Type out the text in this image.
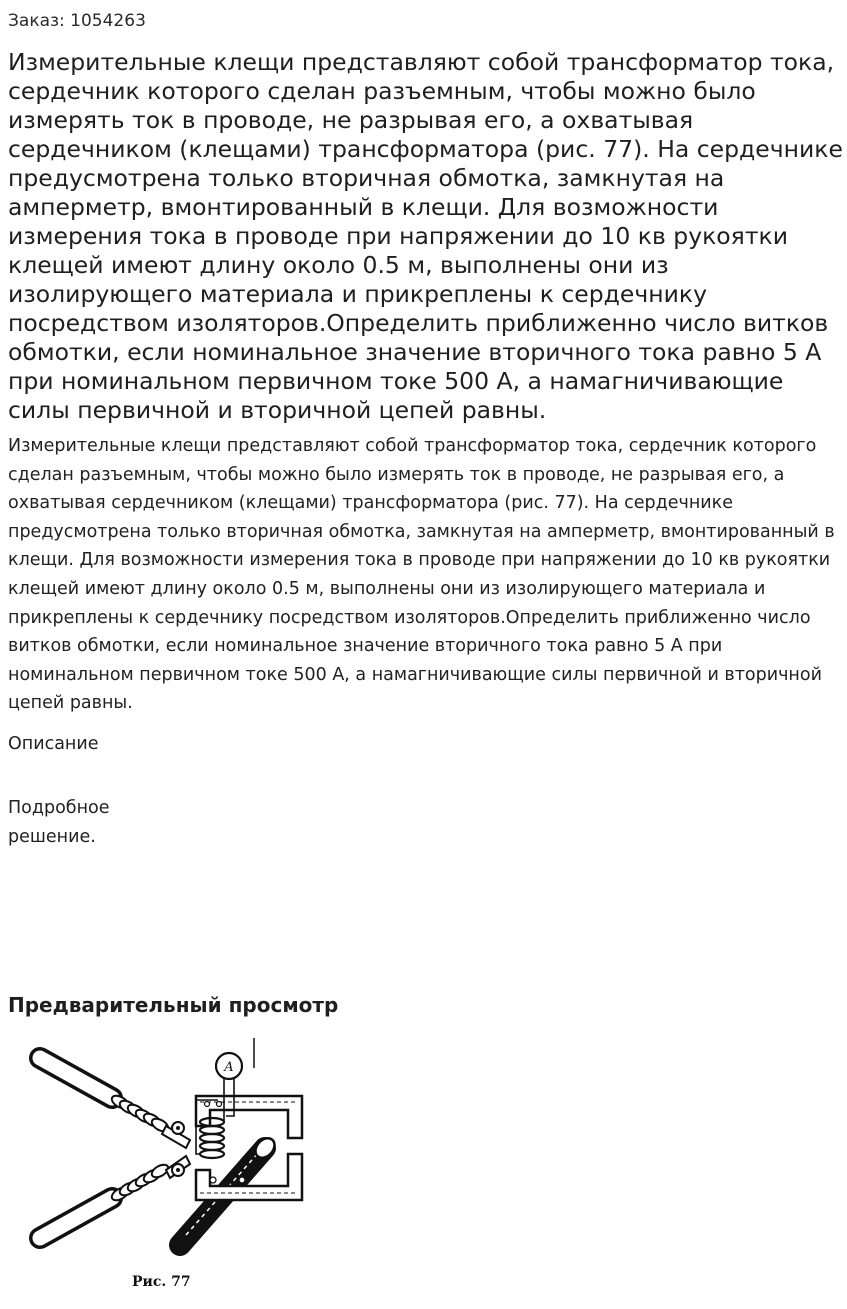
Заказ: 1054263

Измерительные клещи представляют собой трансформатор тока, сердечник которого сделан разъемным, чтобы можно было измерять ток в проводе, не разрывая его, а охватывая сердечником (клещами) трансформатора (рис. 77). На сердечнике предусмотрена только вторичная обмотка, замкнутая на амперметр, вмонтированный в клещи. Для возможности измерения тока в проводе при напряжении до 10 кв рукоятки клещей имеют длину около 0.5 м, выполнены они из изолирующего материала и прикреплены к сердечнику посредством изоляторов.Определить приближенно число витков обмотки, если номинальное значение вторичного тока равно 5 А при номинальном первичном токе 500 А, а намагничивающие силы первичной и вторичной цепей равны.

Измерительные клещи представляют собой трансформатор тока, сердечник которого сделан разъемным, чтобы можно было измерять ток в проводе, не разрывая его, а охватывая сердечником (клещами) трансформатора (рис. 77). На сердечнике предусмотрена только вторичная обмотка, замкнутая на амперметр, вмонтированный в клещи. Для возможности измерения тока в проводе при напряжении до 10 кв рукоятки клещей имеют длину около 0.5 м, выполнены они из изолирующего материала и прикреплены к сердечнику посредством изоляторов.Определить приближенно число витков обмотки, если номинальное значение вторичного тока равно 5 А при номинальном первичном токе 500 А, а намагничивающие силы первичной и вторичной цепей равны.

Описание

Подробное решение.

Предварительный просмотр
A
Рис. 77
